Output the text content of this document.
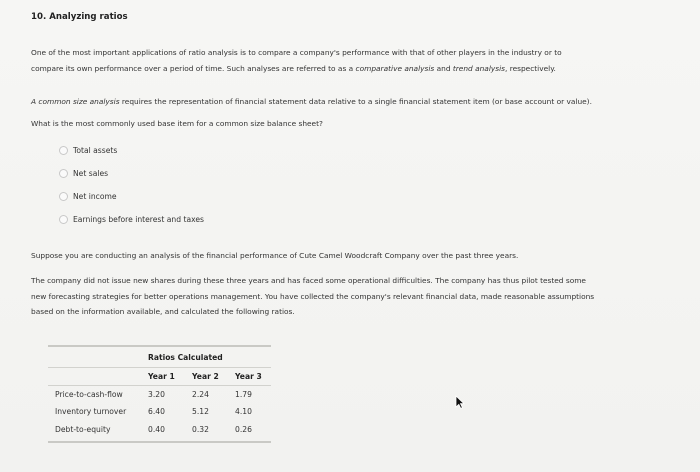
10. Analyzing ratios
One of the most important applications of ratio analysis is to compare a company's performance with that of other players in the industry or to
compare its own performance over a period of time. Such analyses are referred to as a comparative analysis and trend analysis, respectively.
A common size analysis requires the representation of financial statement data relative to a single financial statement item (or base account or value).
What is the most commonly used base item for a common size balance sheet?
Total assets
Net sales
Net income
Earnings before interest and taxes
Suppose you are conducting an analysis of the financial performance of Cute Camel Woodcraft Company over the past three years.
The company did not issue new shares during these three years and has faced some operational difficulties. The company has thus pilot tested some
new forecasting strategies for better operations management. You have collected the company's relevant financial data, made reasonable assumptions
based on the information available, and calculated the following ratios.
Ratios Calculated
Year 1 Year 2 Year 3
Price-to-cash-flow	3.20	2.24	1.79
Inventory turnover	6.40	5.12	4.10
Debt-to-equity	0.40	0.32	0.26
